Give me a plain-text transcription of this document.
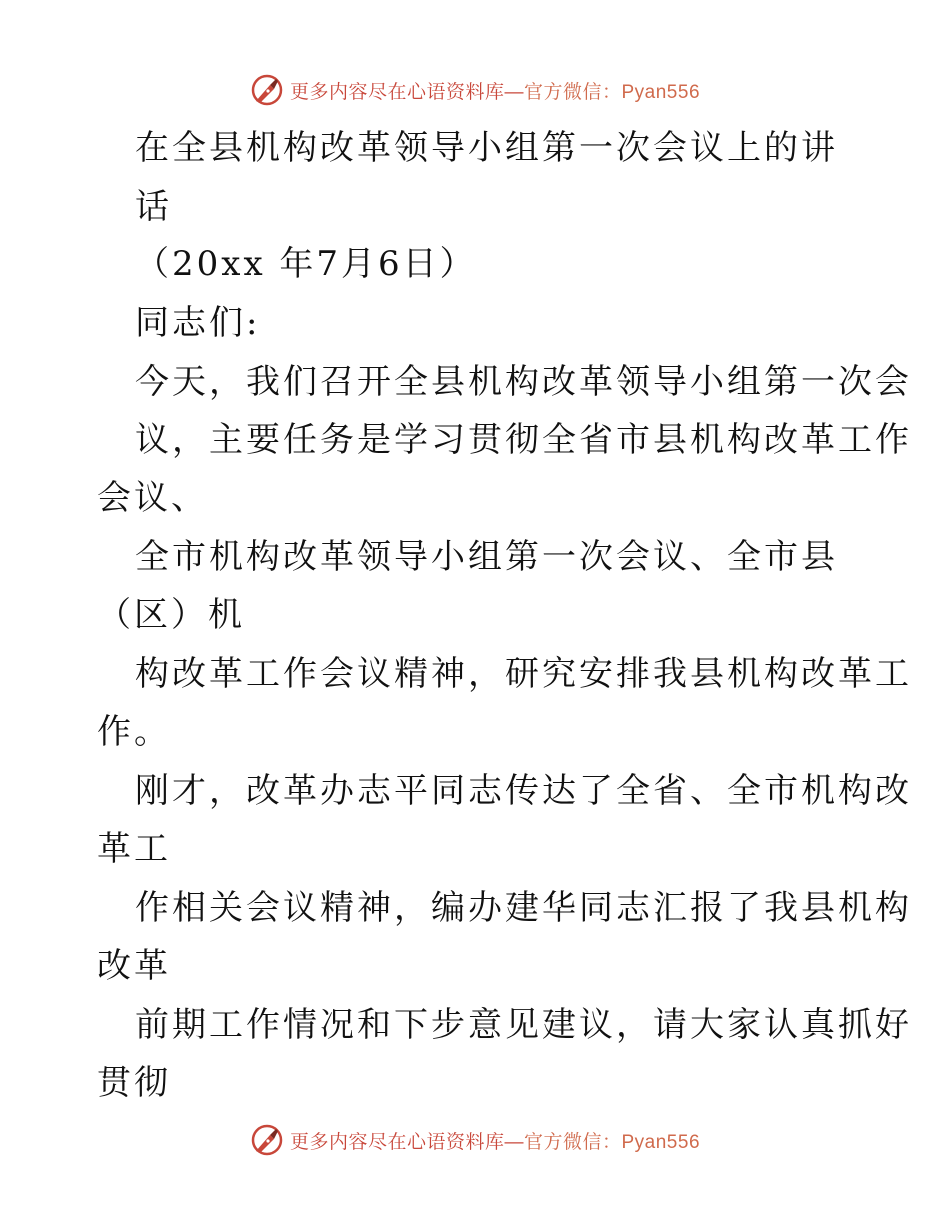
更多内容尽在心语资料库—官方微信：Pyan556
在全县机构改革领导小组第一次会议上的讲
话
（20xx 年7月6日）
同志们:
今天，我们召开全县机构改革领导小组第一次会
议，主要任务是学习贯彻全省市县机构改革工作
会议、
全市机构改革领导小组第一次会议、全市县
（区）机
构改革工作会议精神，研究安排我县机构改革工
作。
刚才，改革办志平同志传达了全省、全市机构改
革工
作相关会议精神，编办建华同志汇报了我县机构
改革
前期工作情况和下步意见建议，请大家认真抓好
贯彻
更多内容尽在心语资料库—官方微信：Pyan556
